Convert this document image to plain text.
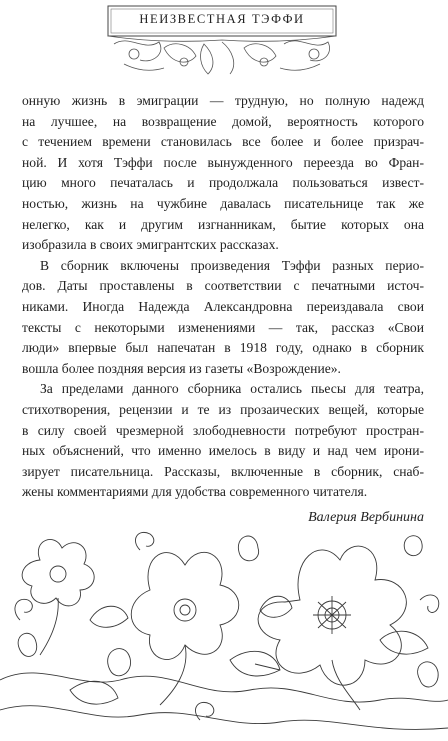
НЕИЗВЕСТНАЯ ТЭФФИ

онную жизнь в эмиграции — трудную, но полную надежд
на лучшее, на возвращение домой, вероятность которого
с течением времени становилась все более и более призрач-
ной. И хотя Тэффи после вынужденного переезда во Фран-
цию много печаталась и продолжала пользоваться извест-
ностью, жизнь на чужбине давалась писательнице так же
нелегко, как и другим изгнанникам, бытие которых она
изобразила в своих эмигрантских рассказах.

В сборник включены произведения Тэффи разных перио-
дов. Даты проставлены в соответствии с печатными источ-
никами. Иногда Надежда Александровна переиздавала свои
тексты с некоторыми изменениями — так, рассказ «Свои
люди» впервые был напечатан в 1918 году, однако в сборник
вошла более поздняя версия из газеты «Возрождение».

За пределами данного сборника остались пьесы для театра,
стихотворения, рецензии и те из прозаических вещей, которые
в силу своей чрезмерной злободневности потребуют простран-
ных объяснений, что именно имелось в виду и над чем ирони-
зирует писательница. Рассказы, включенные в сборник, снаб-
жены комментариями для удобства современного читателя.

Валерия Вербинина
